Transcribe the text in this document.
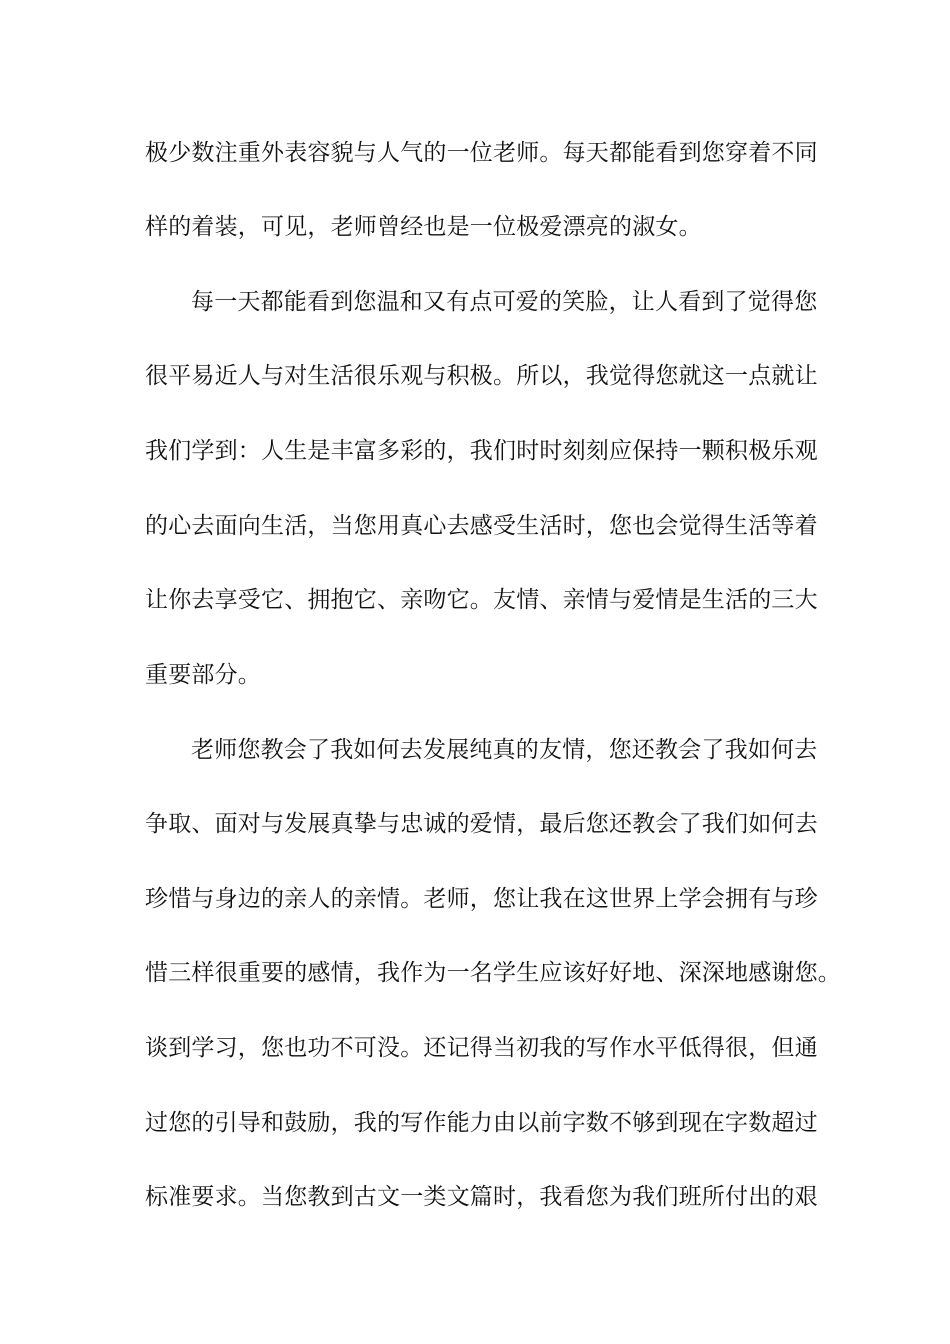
极少数注重外表容貌与人气的一位老师。每天都能看到您穿着不同
样的着装，可见，老师曾经也是一位极爱漂亮的淑女。
每一天都能看到您温和又有点可爱的笑脸，让人看到了觉得您
很平易近人与对生活很乐观与积极。所以，我觉得您就这一点就让
我们学到：人生是丰富多彩的，我们时时刻刻应保持一颗积极乐观
的心去面向生活，当您用真心去感受生活时，您也会觉得生活等着
让你去享受它、拥抱它、亲吻它。友情、亲情与爱情是生活的三大
重要部分。
老师您教会了我如何去发展纯真的友情，您还教会了我如何去
争取、面对与发展真挚与忠诚的爱情，最后您还教会了我们如何去
珍惜与身边的亲人的亲情。老师，您让我在这世界上学会拥有与珍
惜三样很重要的感情，我作为一名学生应该好好地、深深地感谢您。
谈到学习，您也功不可没。还记得当初我的写作水平低得很，但通
过您的引导和鼓励，我的写作能力由以前字数不够到现在字数超过
标准要求。当您教到古文一类文篇时，我看您为我们班所付出的艰
